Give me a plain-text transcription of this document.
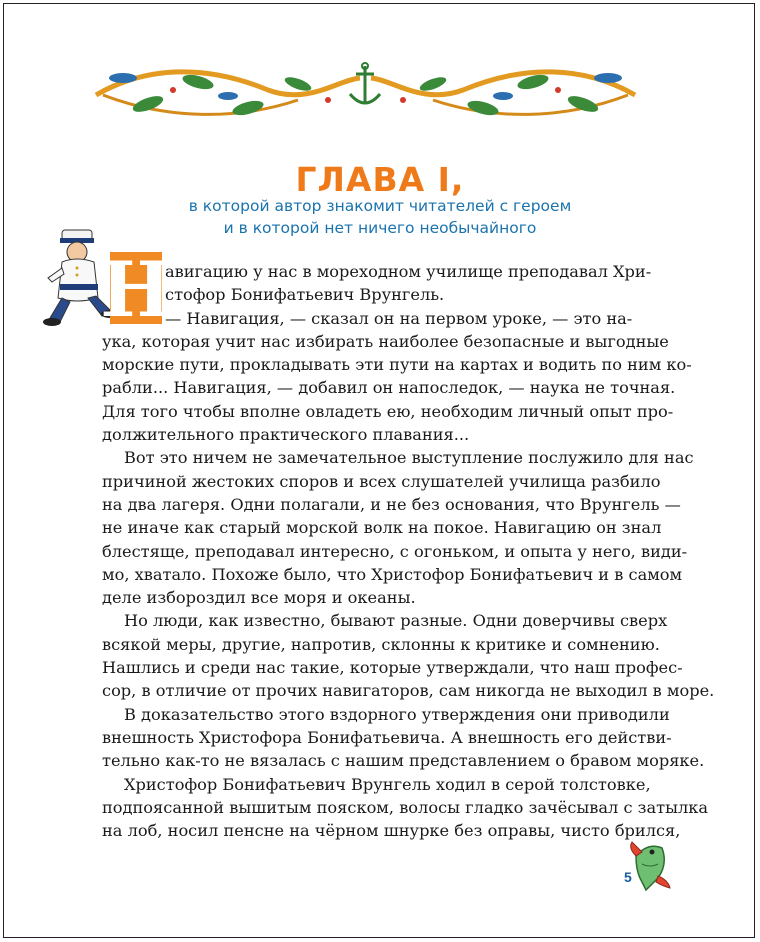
ГЛАВА I,
в которой автор знакомит читателей с героем
и в которой нет ничего необычайного
Н
авигацию у нас в мореходном училище преподавал Хри-
стофор Бонифатьевич Врунгель.
— Навигация, — сказал он на первом уроке, — это на-
ука, которая учит нас избирать наиболее безопасные и выгодные
морские пути, прокладывать эти пути на картах и водить по ним ко-
рабли... Навигация, — добавил он напоследок, — наука не точная.
Для того чтобы вполне овладеть ею, необходим личный опыт про-
должительного практического плавания...
Вот это ничем не замечательное выступление послужило для нас
причиной жестоких споров и всех слушателей училища разбило
на два лагеря. Одни полагали, и не без основания, что Врунгель —
не иначе как старый морской волк на покое. Навигацию он знал
блестяще, преподавал интересно, с огоньком, и опыта у него, види-
мо, хватало. Похоже было, что Христофор Бонифатьевич и в самом
деле избороздил все моря и океаны.
Но люди, как известно, бывают разные. Одни доверчивы сверх
всякой меры, другие, напротив, склонны к критике и сомнению.
Нашлись и среди нас такие, которые утверждали, что наш профес-
сор, в отличие от прочих навигаторов, сам никогда не выходил в море.
В доказательство этого вздорного утверждения они приводили
внешность Христофора Бонифатьевича. А внешность его действи-
тельно как-то не вязалась с нашим представлением о бравом моряке.
Христофор Бонифатьевич Врунгель ходил в серой толстовке,
подпоясанной вышитым пояском, волосы гладко зачёсывал с затылка
на лоб, носил пенсне на чёрном шнурке без оправы, чисто брился,
5
